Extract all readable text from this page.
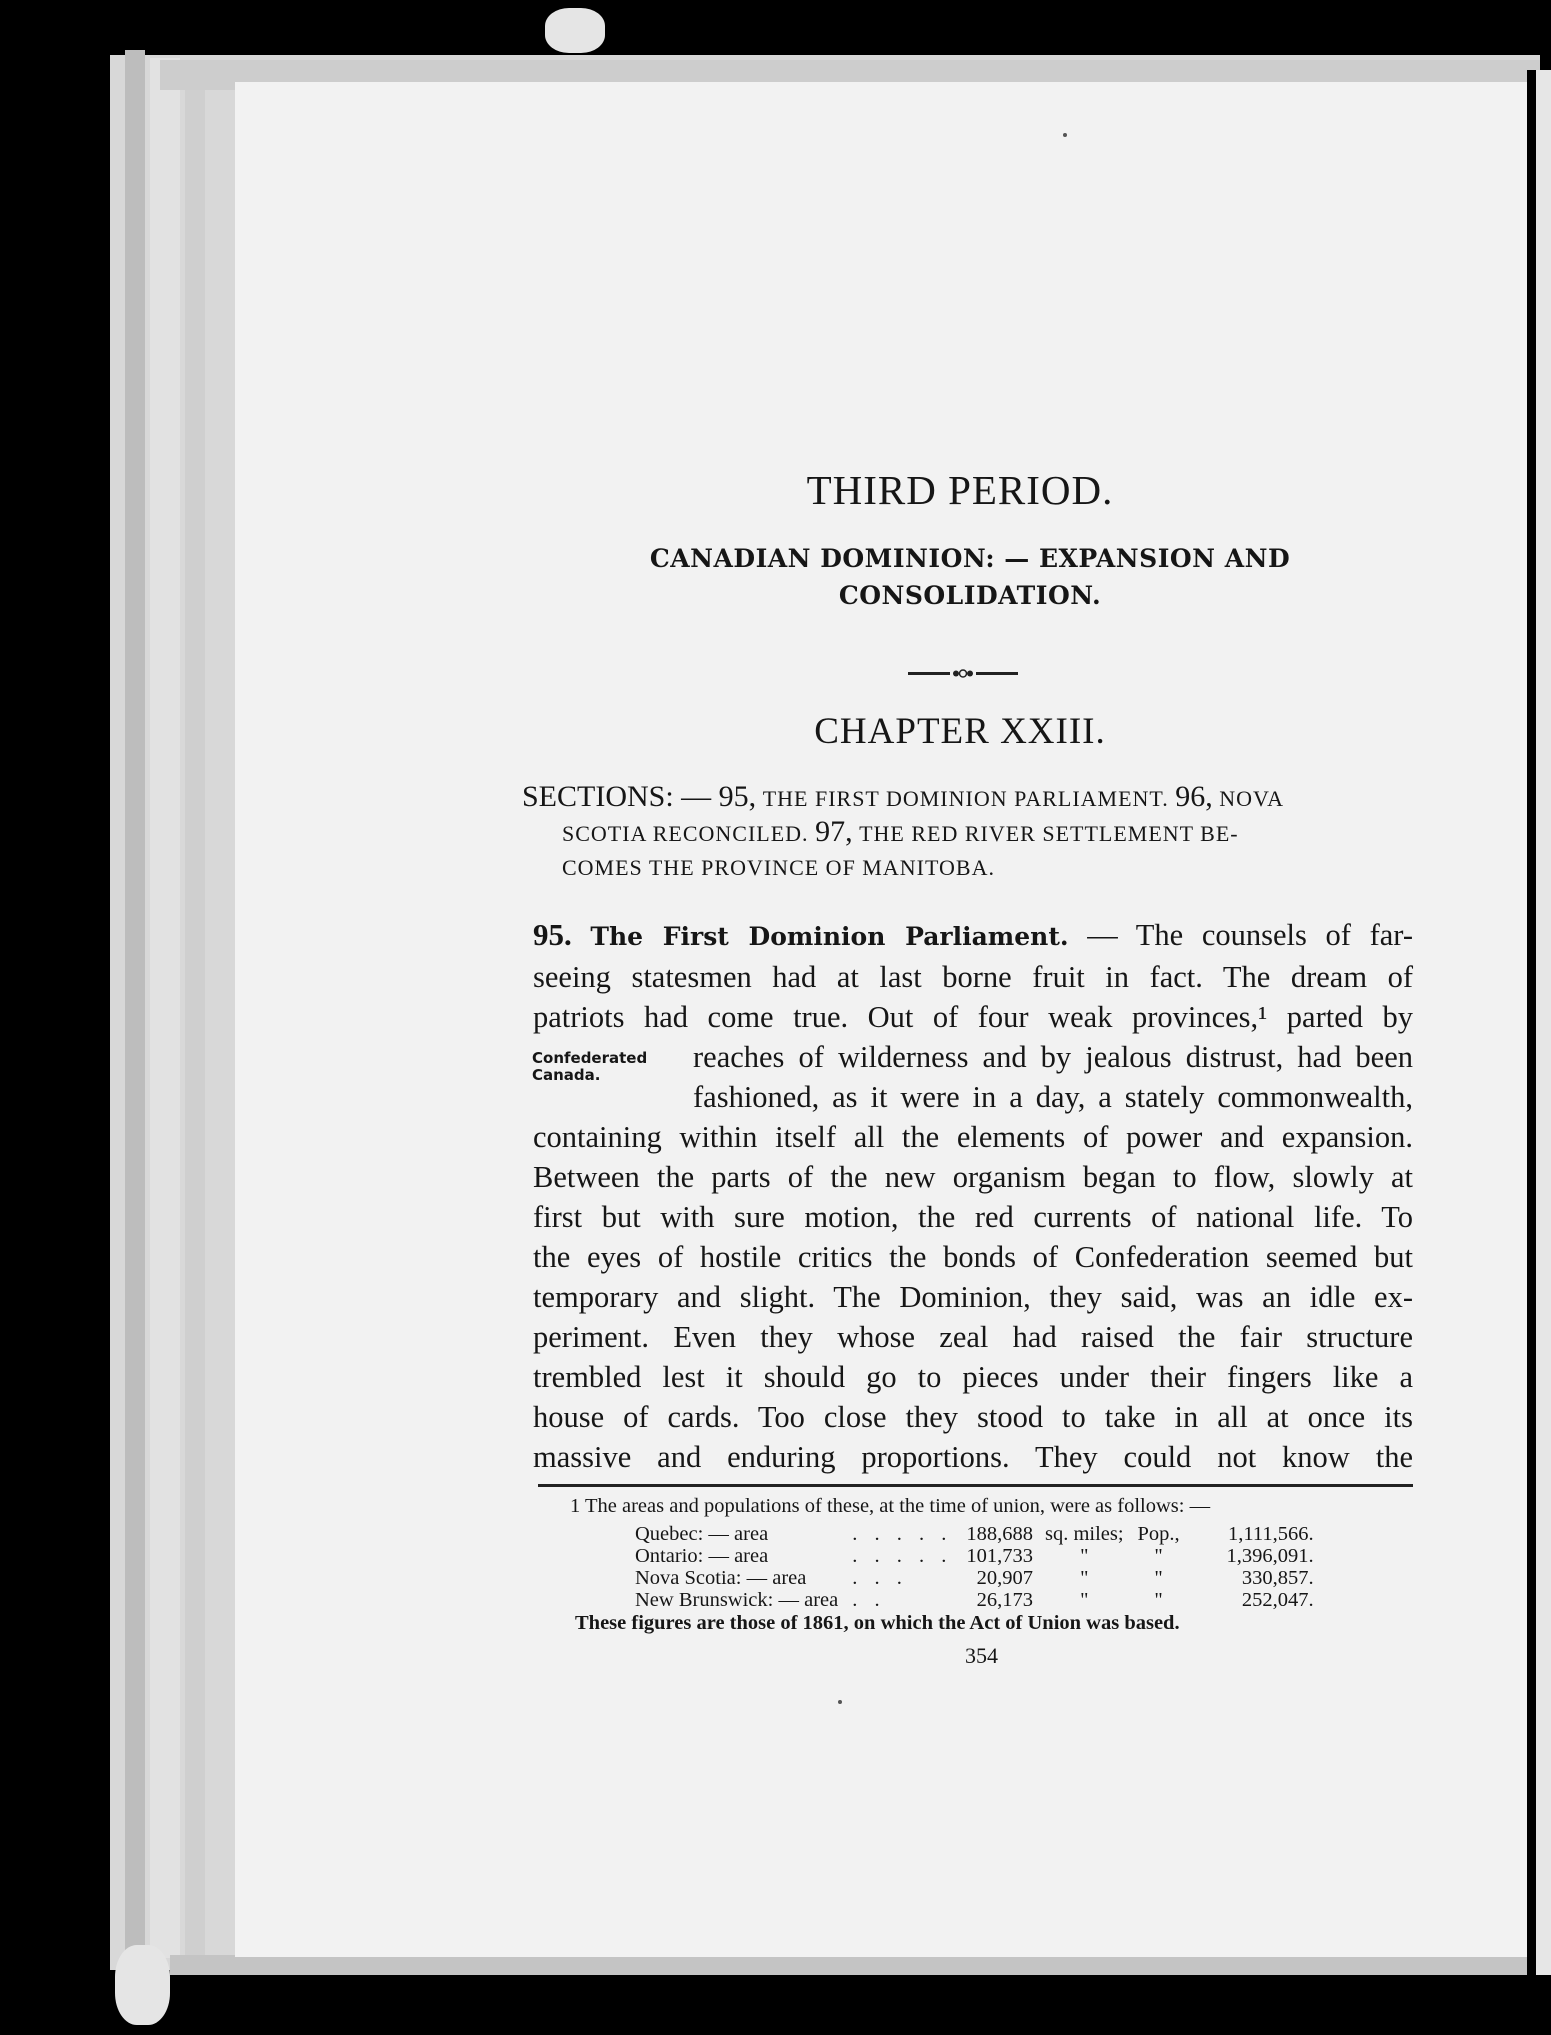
THIRD PERIOD.
CANADIAN DOMINION: — EXPANSION AND
CONSOLIDATION.
CHAPTER XXIII.
SECTIONS: — 95, THE FIRST DOMINION PARLIAMENT. 96, NOVA
SCOTIA RECONCILED. 97, THE RED RIVER SETTLEMENT BE-
COMES THE PROVINCE OF MANITOBA.
Confederated
Canada.
95. The First Dominion Parliament. — The counsels of far-
seeing statesmen had at last borne fruit in fact. The dream of
patriots had come true. Out of four weak provinces,¹ parted by
reaches of wilderness and by jealous distrust, had been
fashioned, as it were in a day, a stately commonwealth,
containing within itself all the elements of power and expansion.
Between the parts of the new organism began to flow, slowly at
first but with sure motion, the red currents of national life. To
the eyes of hostile critics the bonds of Confederation seemed but
temporary and slight. The Dominion, they said, was an idle ex-
periment. Even they whose zeal had raised the fair structure
trembled lest it should go to pieces under their fingers like a
house of cards. Too close they stood to take in all at once its
massive and enduring proportions. They could not know the
1 The areas and populations of these, at the time of union, were as follows: —
Quebec: — area	. . . . .	188,688	sq. miles;	Pop.,	1,111,566.
Ontario: — area	. . . . .	101,733	"	"	1,396,091.
Nova Scotia: — area	. . .	20,907	"	"	330,857.
New Brunswick: — area	. .	26,173	"	"	252,047.
These figures are those of 1861, on which the Act of Union was based.
354
